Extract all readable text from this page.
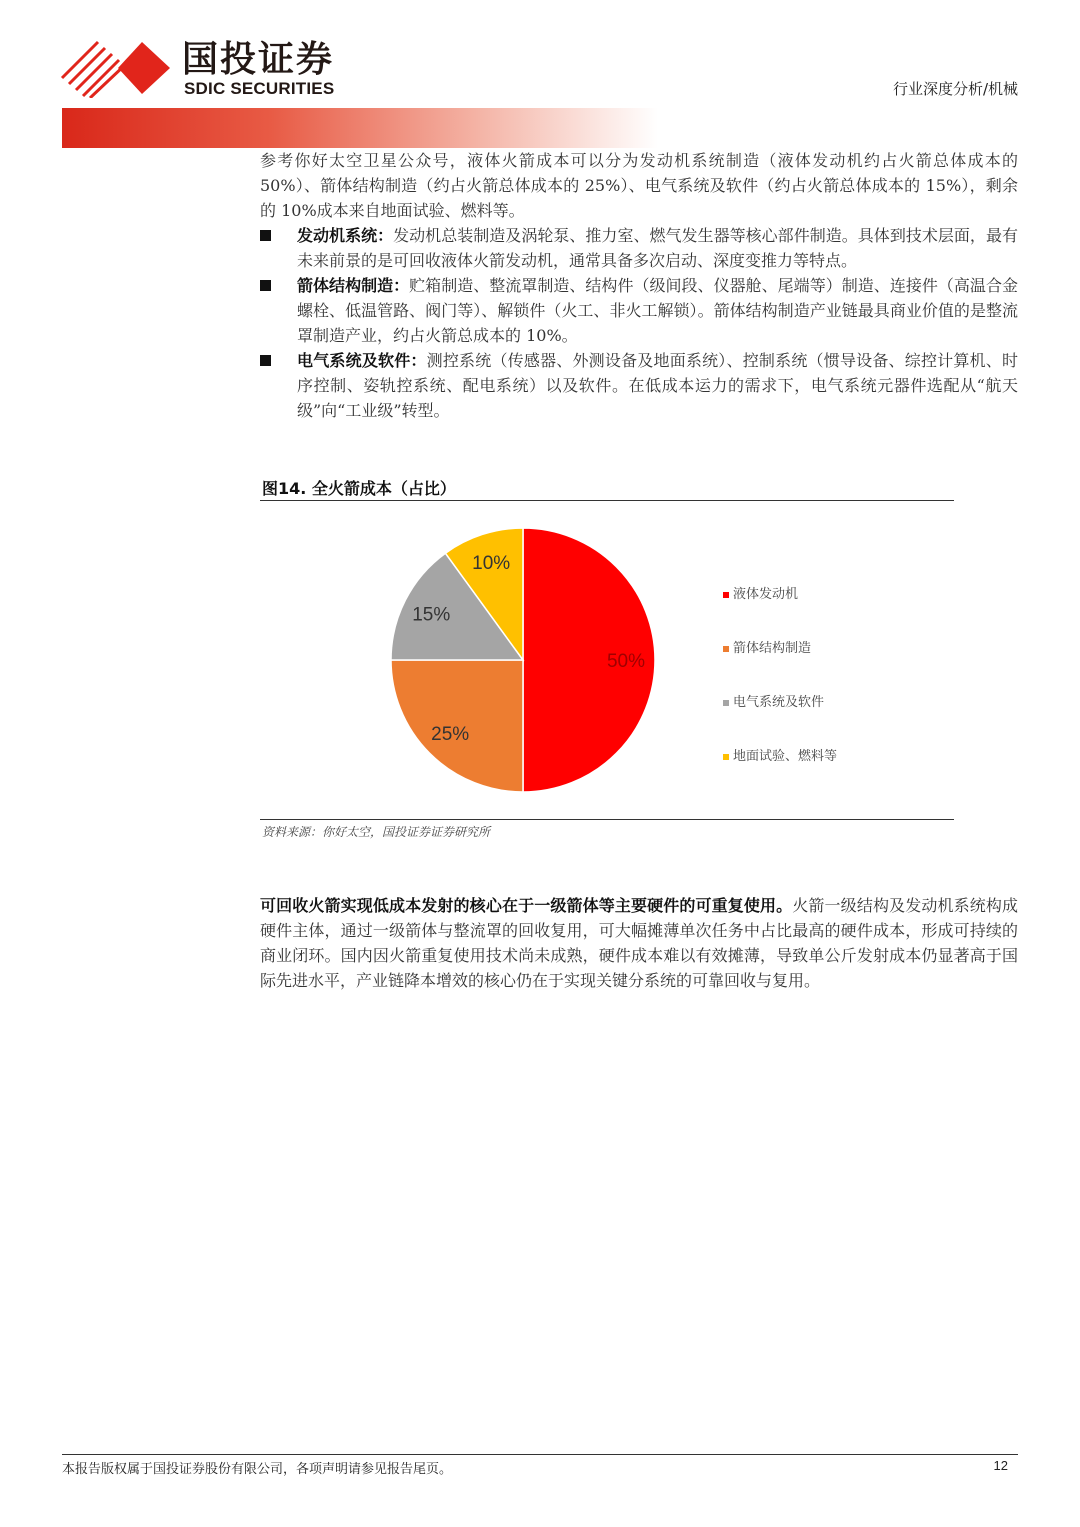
国投证券
SDIC SECURITIES	行业深度分析/机械

参考你好太空卫星公众号，液体火箭成本可以分为发动机系统制造（液体发动机约占火箭总体成本的 50%）、箭体结构制造（约占火箭总体成本的 25%）、电气系统及软件（约占火箭总体成本的 15%），剩余的 10%成本来自地面试验、燃料等。

发动机系统：发动机总装制造及涡轮泵、推力室、燃气发生器等核心部件制造。具体到技术层面，最有未来前景的是可回收液体火箭发动机，通常具备多次启动、深度变推力等特点。
箭体结构制造：贮箱制造、整流罩制造、结构件（级间段、仪器舱、尾端等）制造、连接件（高温合金螺栓、低温管路、阀门等）、解锁件（火工、非火工解锁）。箭体结构制造产业链最具商业价值的是整流罩制造产业，约占火箭总成本的 10%。
电气系统及软件：测控系统（传感器、外测设备及地面系统）、控制系统（惯导设备、综控计算机、时序控制、姿轨控系统、配电系统）以及软件。在低成本运力的需求下，电气系统元器件选配从“航天级”向“工业级”转型。
图14. 全火箭成本（占比）
50%
25%
15%
10%
液体发动机
箭体结构制造
电气系统及软件
地面试验、燃料等
资料来源：你好太空，国投证券证券研究所

可回收火箭实现低成本发射的核心在于一级箭体等主要硬件的可重复使用。火箭一级结构及发动机系统构成硬件主体，通过一级箭体与整流罩的回收复用，可大幅摊薄单次任务中占比最高的硬件成本，形成可持续的商业闭环。国内因火箭重复使用技术尚未成熟，硬件成本难以有效摊薄，导致单公斤发射成本仍显著高于国际先进水平，产业链降本增效的核心仍在于实现关键分系统的可靠回收与复用。

本报告版权属于国投证券股份有限公司，各项声明请参见报告尾页。	12
